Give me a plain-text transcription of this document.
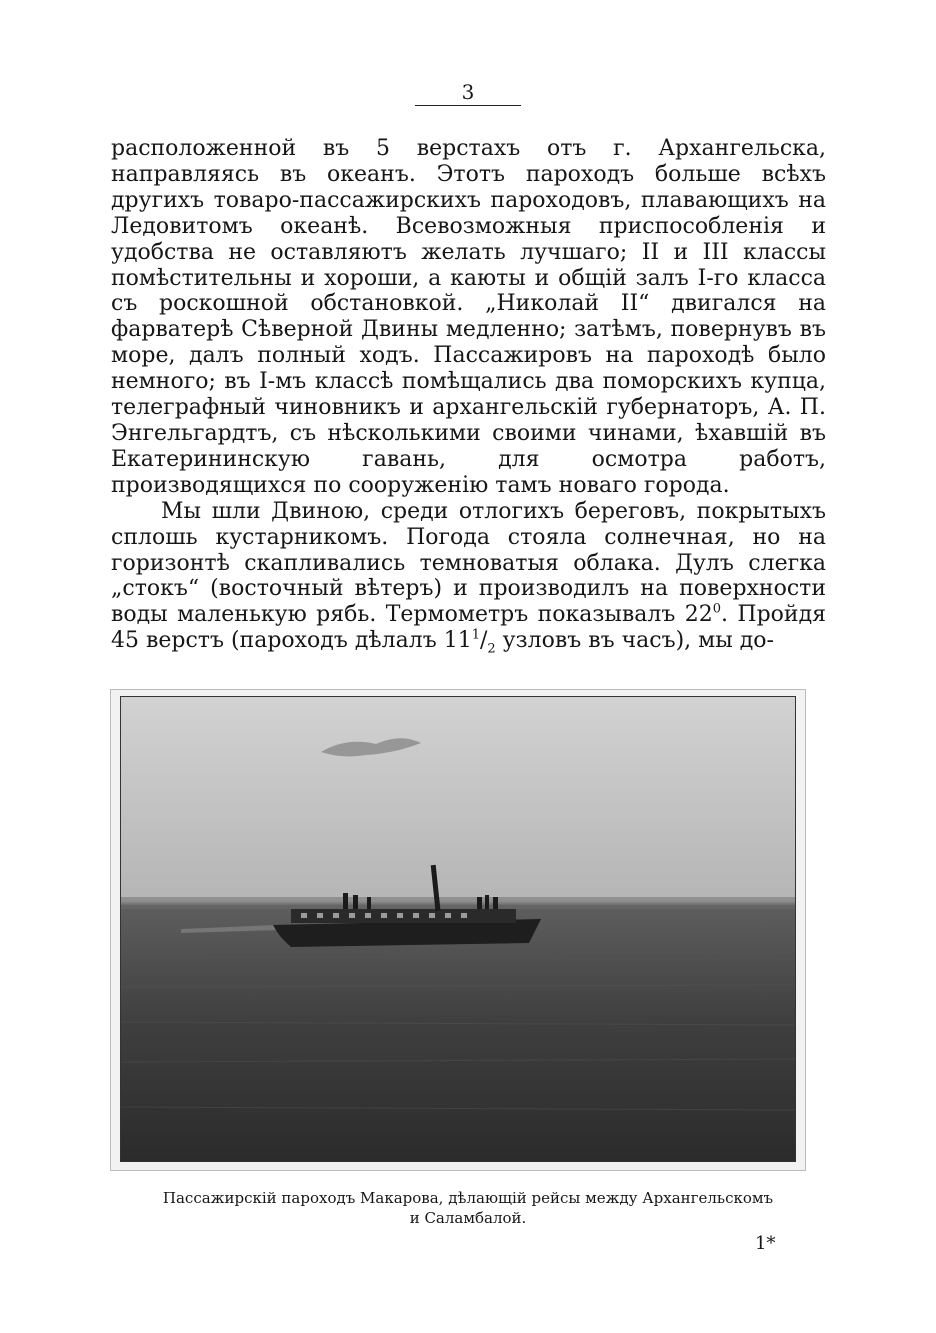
3

расположенной въ 5 верстахъ отъ г. Архангельска, направляясь въ океанъ. Этотъ пароходъ больше всѣхъ другихъ товаро-пассажирскихъ пароходовъ, плавающихъ на Ледовитомъ океанѣ. Всевозможныя приспособленія и удобства не оставляютъ желать лучшаго; II и III классы помѣстительны и хороши, а каюты и общій залъ I-го класса съ роскошной обстановкой. „Николай II“ двигался на фарватерѣ Сѣверной Двины медленно; затѣмъ, повернувъ въ море, далъ полный ходъ. Пассажировъ на пароходѣ было немного; въ I-мъ классѣ помѣщались два поморскихъ купца, телеграфный чиновникъ и архангельскій губернаторъ, А. П. Энгельгардтъ, съ нѣсколькими своими чинами, ѣхавшій въ Екатерининскую гавань, для осмотра работъ, производящихся по сооруженію тамъ новаго города.

Мы шли Двиною, среди отлогихъ береговъ, покрытыхъ сплошь кустарникомъ. Погода стояла солнечная, но на горизонтѣ скапливались темноватыя облака. Дулъ слегка „стокъ“ (восточный вѣтеръ) и производилъ на поверхности воды маленькую рябь. Термометръ показывалъ $22^0$. Пройдя 45 верстъ (пароходъ дѣлалъ $11^1/_2$ узловъ въ часъ), мы до-

Пассажирскій пароходъ Макарова, дѣлающій рейсы между Архангельскомъ
и Саламбалой.
1*
